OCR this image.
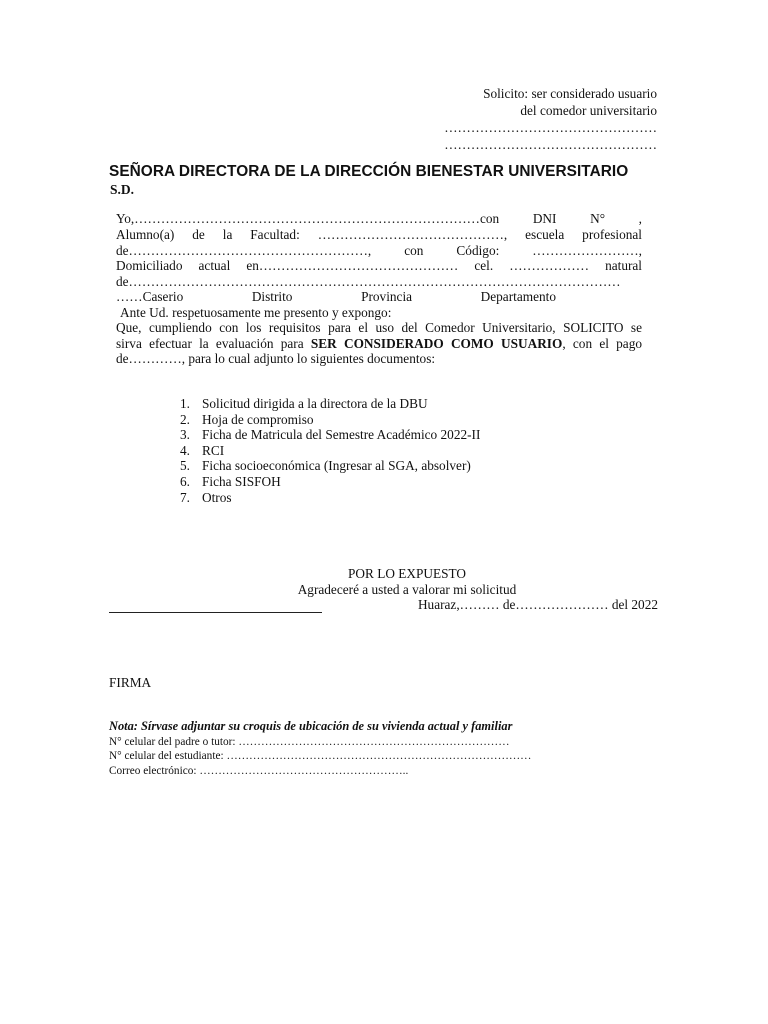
Solicito: ser considerado usuario
del comedor universitario
…………………………………………
…………………………………………
SEÑORA DIRECTORA DE LA DIRECCIÓN BIENESTAR UNIVERSITARIO
S.D.
Yo,……………………………………………………………………con DNI N° ,
Alumno(a) de la Facultad: ……………………………………, escuela profesional
de………………………………………………, con Código: ……………………,
Domiciliado actual en……………………………………… cel. ……………… natural
de…………………………………………………………………………………………………
……Caserio	Distrito	Provincia	Departamento
Ante Ud. respetuosamente me presento y expongo:
Que, cumpliendo con los requisitos para el uso del Comedor Universitario, SOLICITO se
sirva efectuar la evaluación para SER CONSIDERADO COMO USUARIO, con el pago
de…………, para lo cual adjunto lo siguientes documentos:
1. Solicitud dirigida a la directora de la DBU
2. Hoja de compromiso
3. Ficha de Matricula del Semestre Académico 2022-II
4. RCI
5. Ficha socioeconómica (Ingresar al SGA, absolver)
6. Ficha SISFOH
7. Otros
POR LO EXPUESTO
Agradeceré a usted a valorar mi solicitud
Huaraz,……… de………………… del 2022
FIRMA
Nota: Sírvase adjuntar su croquis de ubicación de su vivienda actual y familiar
N° celular del padre o tutor: ………………………………………………………………
N° celular del estudiante: ………………………………………………………………………
Correo electrónico: ………………………………………………..
